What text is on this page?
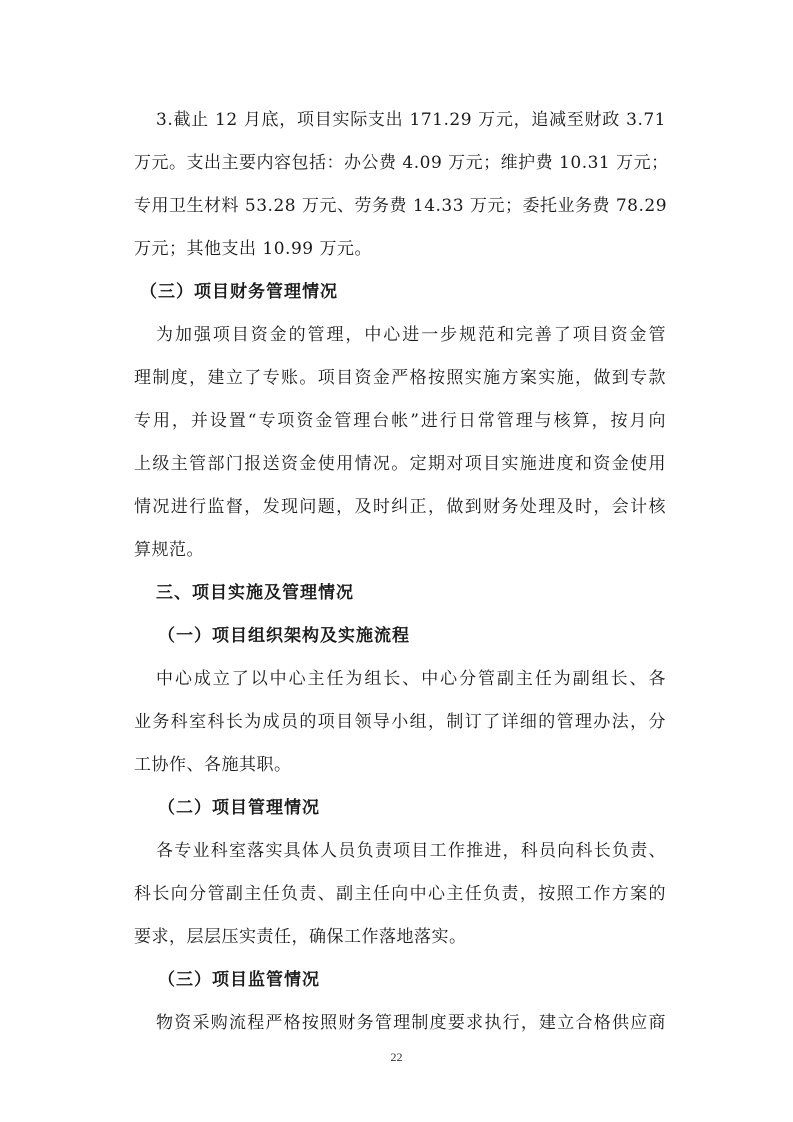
3.截止 12 月底，项目实际支出 171.29 万元，追减至财政 3.71
万元。支出主要内容包括：办公费 4.09 万元；维护费 10.31 万元；
专用卫生材料 53.28 万元、劳务费 14.33 万元；委托业务费 78.29
万元；其他支出 10.99 万元。
（三）项目财务管理情况
为加强项目资金的管理，中心进一步规范和完善了项目资金管
理制度，建立了专账。项目资金严格按照实施方案实施，做到专款
专用，并设置“专项资金管理台帐”进行日常管理与核算，按月向
上级主管部门报送资金使用情况。定期对项目实施进度和资金使用
情况进行监督，发现问题，及时纠正，做到财务处理及时，会计核
算规范。
三、项目实施及管理情况
（一）项目组织架构及实施流程
中心成立了以中心主任为组长、中心分管副主任为副组长、各
业务科室科长为成员的项目领导小组，制订了详细的管理办法，分
工协作、各施其职。
（二）项目管理情况
各专业科室落实具体人员负责项目工作推进，科员向科长负责、
科长向分管副主任负责、副主任向中心主任负责，按照工作方案的
要求，层层压实责任，确保工作落地落实。
（三）项目监管情况
物资采购流程严格按照财务管理制度要求执行，建立合格供应商
22
